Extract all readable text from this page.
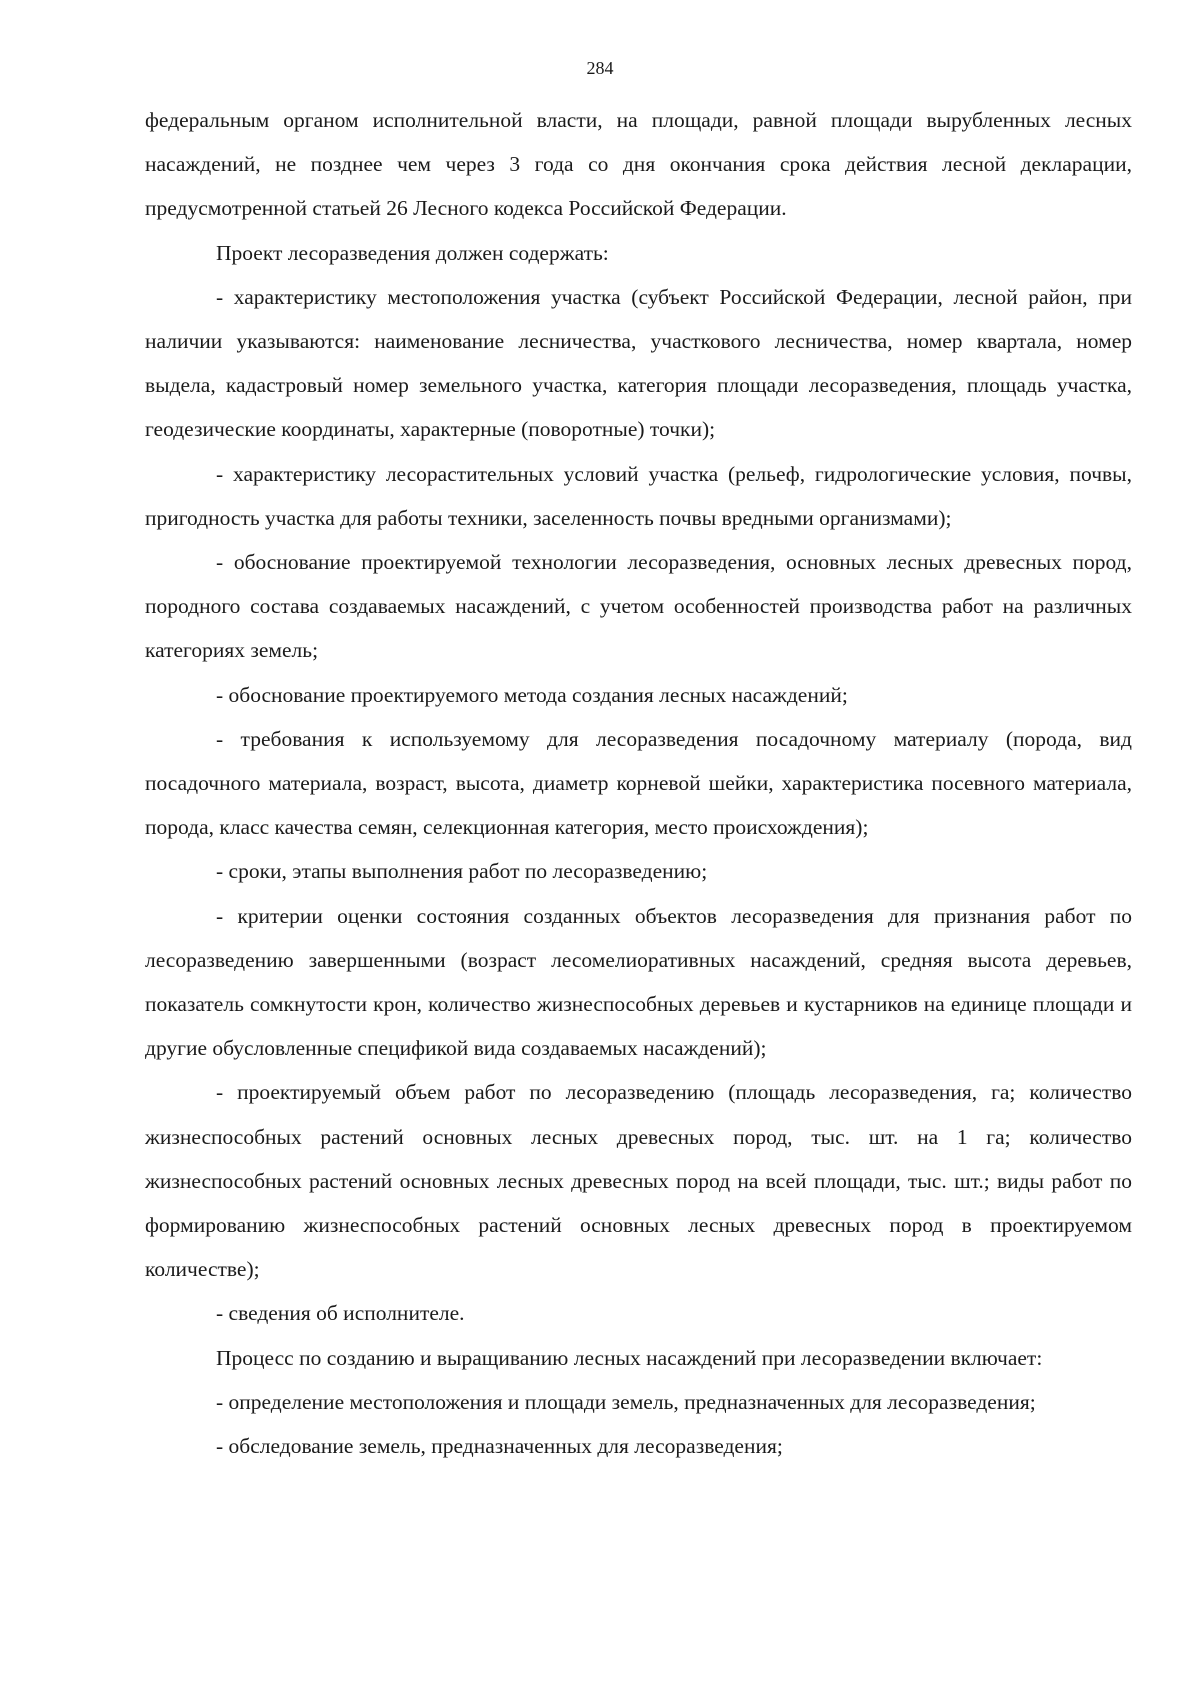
284

федеральным органом исполнительной власти, на площади, равной площади вырубленных лесных насаждений, не позднее чем через 3 года со дня окончания срока действия лесной декларации, предусмотренной статьей 26 Лесного кодекса Российской Федерации.

Проект лесоразведения должен содержать:

- характеристику местоположения участка (субъект Российской Федерации, лесной район, при наличии указываются: наименование лесничества, участкового лесничества, номер квартала, номер выдела, кадастровый номер земельного участка, категория площади лесоразведения, площадь участка, геодезические координаты, характерные (поворотные) точки);

- характеристику лесорастительных условий участка (рельеф, гидрологические условия, почвы, пригодность участка для работы техники, заселенность почвы вредными организмами);

- обоснование проектируемой технологии лесоразведения, основных лесных древесных пород, породного состава создаваемых насаждений, с учетом особенностей производства работ на различных категориях земель;

- обоснование проектируемого метода создания лесных насаждений;

- требования к используемому для лесоразведения посадочному материалу (порода, вид посадочного материала, возраст, высота, диаметр корневой шейки, характеристика посевного материала, порода, класс качества семян, селекционная категория, место происхождения);

- сроки, этапы выполнения работ по лесоразведению;

- критерии оценки состояния созданных объектов лесоразведения для признания работ по лесоразведению завершенными (возраст лесомелиоративных насаждений, средняя высота деревьев, показатель сомкнутости крон, количество жизнеспособных деревьев и кустарников на единице площади и другие обусловленные спецификой вида создаваемых насаждений);

- проектируемый объем работ по лесоразведению (площадь лесоразведения, га; количество жизнеспособных растений основных лесных древесных пород, тыс. шт. на 1 га; количество жизнеспособных растений основных лесных древесных пород на всей площади, тыс. шт.; виды работ по формированию жизнеспособных растений основных лесных древесных пород в проектируемом количестве);

- сведения об исполнителе.

Процесс по созданию и выращиванию лесных насаждений при лесоразведении включает:

- определение местоположения и площади земель, предназначенных для лесоразведения;

- обследование земель, предназначенных для лесоразведения;
